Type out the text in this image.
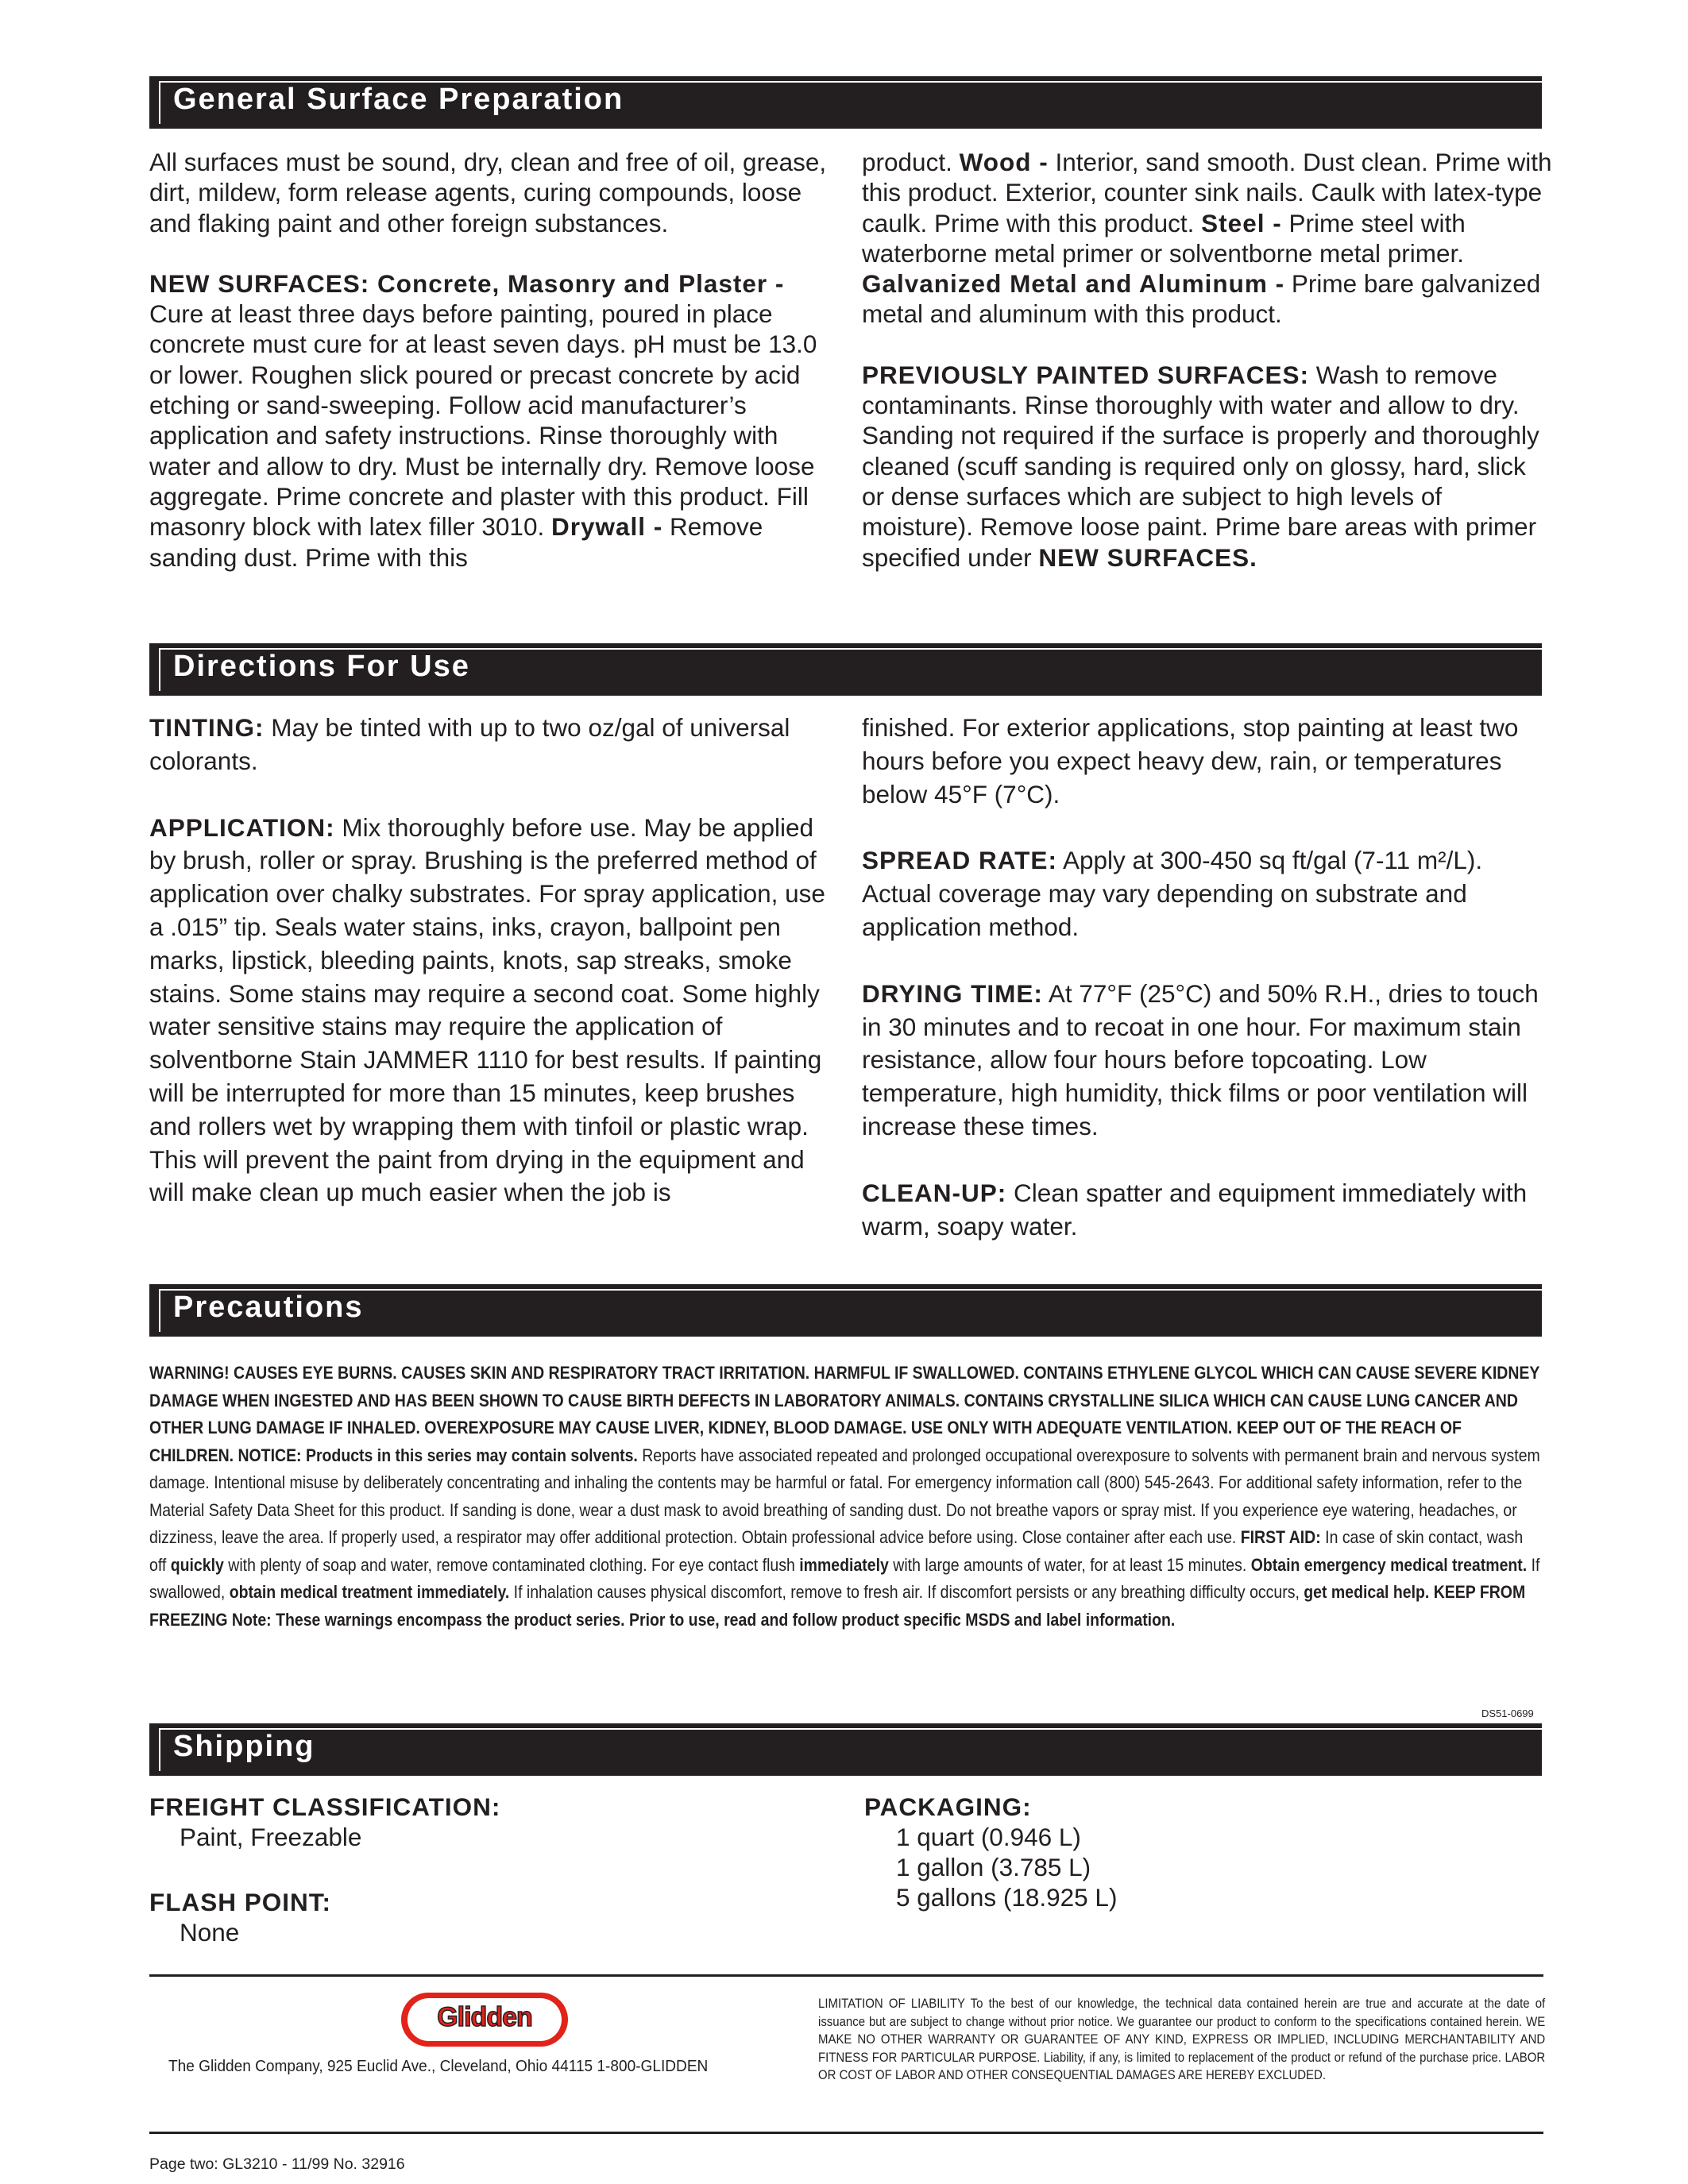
General Surface Preparation

All surfaces must be sound, dry, clean and free of oil, grease, dirt, mildew, form release agents, curing compounds, loose and flaking paint and other foreign substances.

NEW SURFACES: Concrete, Masonry and Plaster - Cure at least three days before painting, poured in place concrete must cure for at least seven days. pH must be 13.0 or lower. Roughen slick poured or precast concrete by acid etching or sand-sweeping. Follow acid manufacturer’s application and safety instructions. Rinse thoroughly with water and allow to dry. Must be internally dry. Remove loose aggregate. Prime concrete and plaster with this product. Fill masonry block with latex filler 3010. Drywall - Remove sanding dust. Prime with this

product. Wood - Interior, sand smooth. Dust clean. Prime with this product. Exterior, counter sink nails. Caulk with latex-type caulk. Prime with this product. Steel - Prime steel with waterborne metal primer or solventborne metal primer. Galvanized Metal and Aluminum - Prime bare galvanized metal and aluminum with this product.

PREVIOUSLY PAINTED SURFACES: Wash to remove contaminants. Rinse thoroughly with water and allow to dry. Sanding not required if the surface is properly and thoroughly cleaned (scuff sanding is required only on glossy, hard, slick or dense surfaces which are subject to high levels of moisture). Remove loose paint. Prime bare areas with primer specified under NEW SURFACES.

Directions For Use

TINTING: May be tinted with up to two oz/gal of universal colorants.

APPLICATION: Mix thoroughly before use. May be applied by brush, roller or spray. Brushing is the preferred method of application over chalky substrates. For spray application, use a .015” tip. Seals water stains, inks, crayon, ballpoint pen marks, lipstick, bleeding paints, knots, sap streaks, smoke stains. Some stains may require a second coat. Some highly water sensitive stains may require the application of solventborne Stain JAMMER 1110 for best results. If painting will be interrupted for more than 15 minutes, keep brushes and rollers wet by wrapping them with tinfoil or plastic wrap. This will prevent the paint from drying in the equipment and will make clean up much easier when the job is

finished. For exterior applications, stop painting at least two hours before you expect heavy dew, rain, or temperatures below 45°F (7°C).

SPREAD RATE: Apply at 300-450 sq ft/gal (7-11 m²/L). Actual coverage may vary depending on substrate and application method.

DRYING TIME: At 77°F (25°C) and 50% R.H., dries to touch in 30 minutes and to recoat in one hour. For maximum stain resistance, allow four hours before topcoating. Low temperature, high humidity, thick films or poor ventilation will increase these times.

CLEAN-UP: Clean spatter and equipment immediately with warm, soapy water.

Precautions
WARNING! CAUSES EYE BURNS. CAUSES SKIN AND RESPIRATORY TRACT IRRITATION. HARMFUL IF SWALLOWED. CONTAINS ETHYLENE GLYCOL WHICH CAN CAUSE SEVERE KIDNEY DAMAGE WHEN INGESTED AND HAS BEEN SHOWN TO CAUSE BIRTH DEFECTS IN LABORATORY ANIMALS. CONTAINS CRYSTALLINE SILICA WHICH CAN CAUSE LUNG CANCER AND OTHER LUNG DAMAGE IF INHALED. OVEREXPOSURE MAY CAUSE LIVER, KIDNEY, BLOOD DAMAGE. USE ONLY WITH ADEQUATE VENTILATION. KEEP OUT OF THE REACH OF CHILDREN. NOTICE: Products in this series may contain solvents. Reports have associated repeated and prolonged occupational overexposure to solvents with permanent brain and nervous system damage. Intentional misuse by deliberately concentrating and inhaling the contents may be harmful or fatal. For emergency information call (800) 545-2643. For additional safety information, refer to the Material Safety Data Sheet for this product. If sanding is done, wear a dust mask to avoid breathing of sanding dust. Do not breathe vapors or spray mist. If you experience eye watering, headaches, or dizziness, leave the area. If properly used, a respirator may offer additional protection. Obtain professional advice before using. Close container after each use. FIRST AID: In case of skin contact, wash off quickly with plenty of soap and water, remove contaminated clothing. For eye contact flush immediately with large amounts of water, for at least 15 minutes. Obtain emergency medical treatment. If swallowed, obtain medical treatment immediately. If inhalation causes physical discomfort, remove to fresh air. If discomfort persists or any breathing difficulty occurs, get medical help. KEEP FROM FREEZING Note: These warnings encompass the product series. Prior to use, read and follow product specific MSDS and label information.
DS51-0699
Shipping
FREIGHT CLASSIFICATION:
Paint, Freezable
FLASH POINT:
None
PACKAGING:
1 quart (0.946 L)
1 gallon (3.785 L)
5 gallons (18.925 L)
Glidden
The Glidden Company, 925 Euclid Ave., Cleveland, Ohio 44115 1-800-GLIDDEN
LIMITATION OF LIABILITY To the best of our knowledge, the technical data contained herein are true and accurate at the date of issuance but are subject to change without prior notice. We guarantee our product to conform to the specifications contained herein. WE MAKE NO OTHER WARRANTY OR GUARANTEE OF ANY KIND, EXPRESS OR IMPLIED, INCLUDING MERCHANTABILITY AND FITNESS FOR PARTICULAR PURPOSE. Liability, if any, is limited to replacement of the product or refund of the purchase price. LABOR OR COST OF LABOR AND OTHER CONSEQUENTIAL DAMAGES ARE HEREBY EXCLUDED.
Page two: GL3210 - 11/99 No. 32916
